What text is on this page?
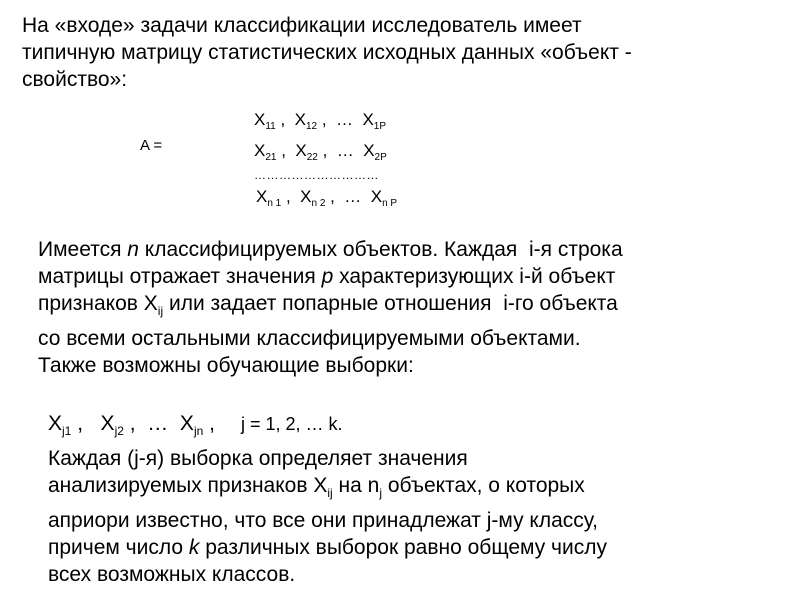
На «входе» задачи классификации исследователь имеет
типичную матрицу статистических исходных данных «объект -
свойство»:
A =
$X_{11}$ ,  $X_{12}$ ,  …  $X_{1P}$
$X_{21}$ ,  $X_{22}$ ,  …  $X_{2P}$
…………………………
$X_{n 1}$ ,  $X_{n 2}$ ,  …  $X_{n P}$
Имеется n классифицируемых объектов. Каждая  i-я строка
матрицы отражает значения p характеризующих i-й объект
признаков $X_{ij}$ или задает попарные отношения  i-го объекта
со всеми остальными классифицируемыми объектами.
Также возможны обучающие выборки:
$X_{j1}$ ,   $X_{j2}$ ,  …  $X_{jn}$ , j = 1, 2, … k.
Каждая (j-я) выборка определяет значения
анализируемых признаков $X_{ij}$ на $n_j$ объектах, о которых
априори известно, что все они принадлежат j-му классу,
причем число k различных выборок равно общему числу
всех возможных классов.
